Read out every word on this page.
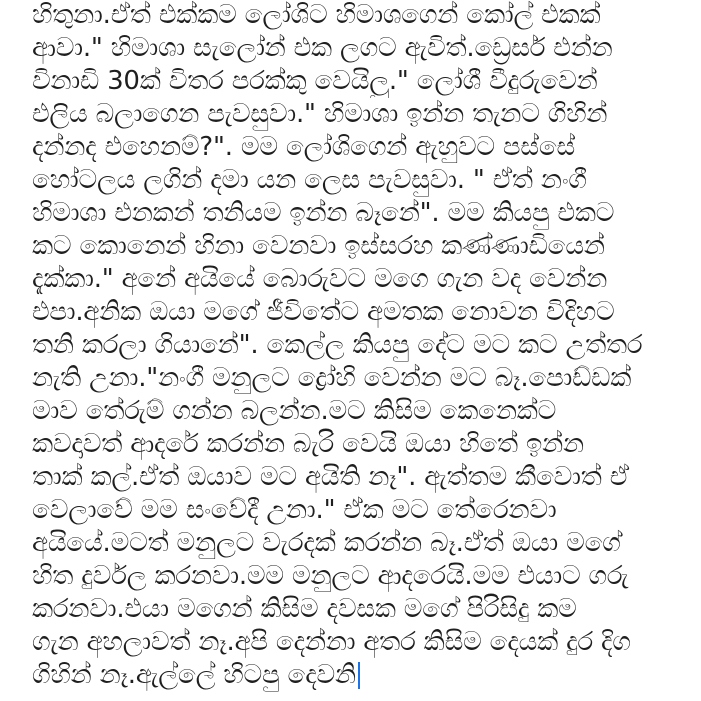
හිතුනා.ඒත් එක්කම ලෝශිට හිමාශගෙන් කෝල් එකක්
ආවා." හිමාශා සැලෝන් එක ලගට ඇවිත්.ඩ්‍රෙසර් එන්න
විනාඩි 30ක් විතර පරක්කු වෙයිලු." ලෝශී වීදුරුවෙන්
එලිය බලාගෙන පැවසුවා." හිමාශා ඉන්න තැනට ගිහින්
දන්නද එහෙනම්?". මම ලෝශිගෙන් ඇහුවට පස්සේ
හෝටලය ලගින් දමා යන ලෙස පැවසුවා. " ඒත් නංගී
හිමාශා එනකන් තනියම ඉන්න බෑනේ". මම කියපු එකට
කට කොනෙන් හිනා වෙනවා ඉස්සරහ කණ්ණාඩියෙන්
දැක්කා." අනේ අයියේ බොරුවට මගෙ ගැන වද වෙන්න
එපා.අනික ඔයා මගේ ජීවිතේට අමතක නොවන විදිහට
තනි කරලා ගියානේ". කෙල්ල කියපු දේට මට කට උත්තර
නැති උනා."නංගී මනුලට ද්‍රෝහි වෙන්න මට බෑ.පොඩ්ඩක්
මාව තේරුම් ගන්න බලන්න.මට කිසිම කෙනෙක්ට
කවදාවත් ආදරේ කරන්න බැරි වෙයි ඔයා හිතේ ඉන්න
තාක් කල්.ඒත් ඔයාව මට අයිති නෑ". ඇත්තම කීවොත් ඒ
වෙලාවේ මම සංවේදී උනා." ඒක මට තේරෙනවා
අයියේ.මටත් මනුලට වැරදක් කරන්න බෑ.ඒත් ඔයා මගේ
හිත දුර්වල කරනවා.මම මනුලට ආදරෙයි.මම එයාට ගරු
කරනවා.එයා මගෙන් කිසිම දවසක මගේ පිරිසිදු කම
ගැන අහලාවත් නෑ.අපි දෙන්නා අතර කිසිම දෙයක් දුර දිග
ගිහින් නෑ.ඇල්ලේ හිටපු දෙවනි
